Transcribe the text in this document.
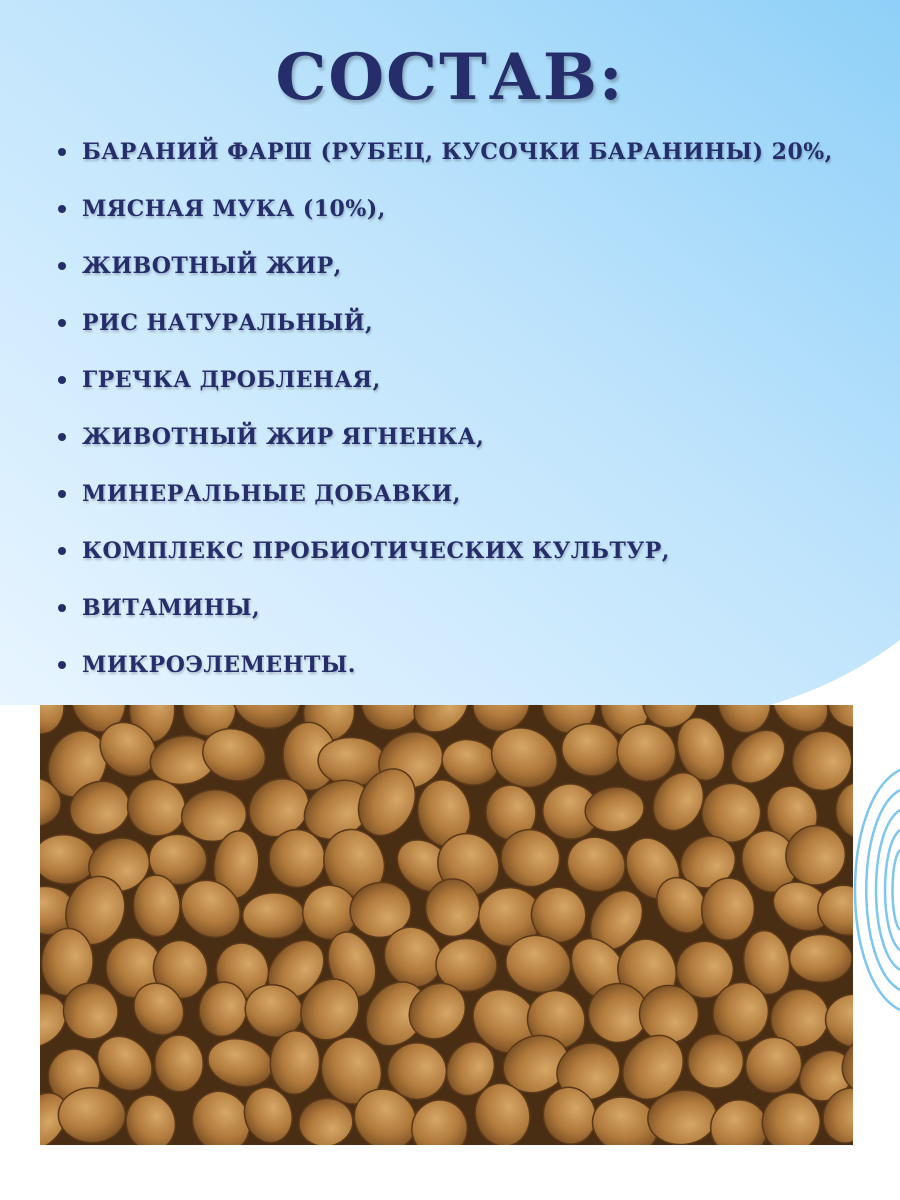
СОСТАВ:
БАРАНИЙ ФАРШ (РУБЕЦ, КУСОЧКИ БАРАНИНЫ) 20%,
МЯСНАЯ МУКА (10%),
ЖИВОТНЫЙ ЖИР,
РИС НАТУРАЛЬНЫЙ,
ГРЕЧКА ДРОБЛЕНАЯ,
ЖИВОТНЫЙ ЖИР ЯГНЕНКА,
МИНЕРАЛЬНЫЕ ДОБАВКИ,
КОМПЛЕКС ПРОБИОТИЧЕСКИХ КУЛЬТУР,
ВИТАМИНЫ,
МИКРОЭЛЕМЕНТЫ.
